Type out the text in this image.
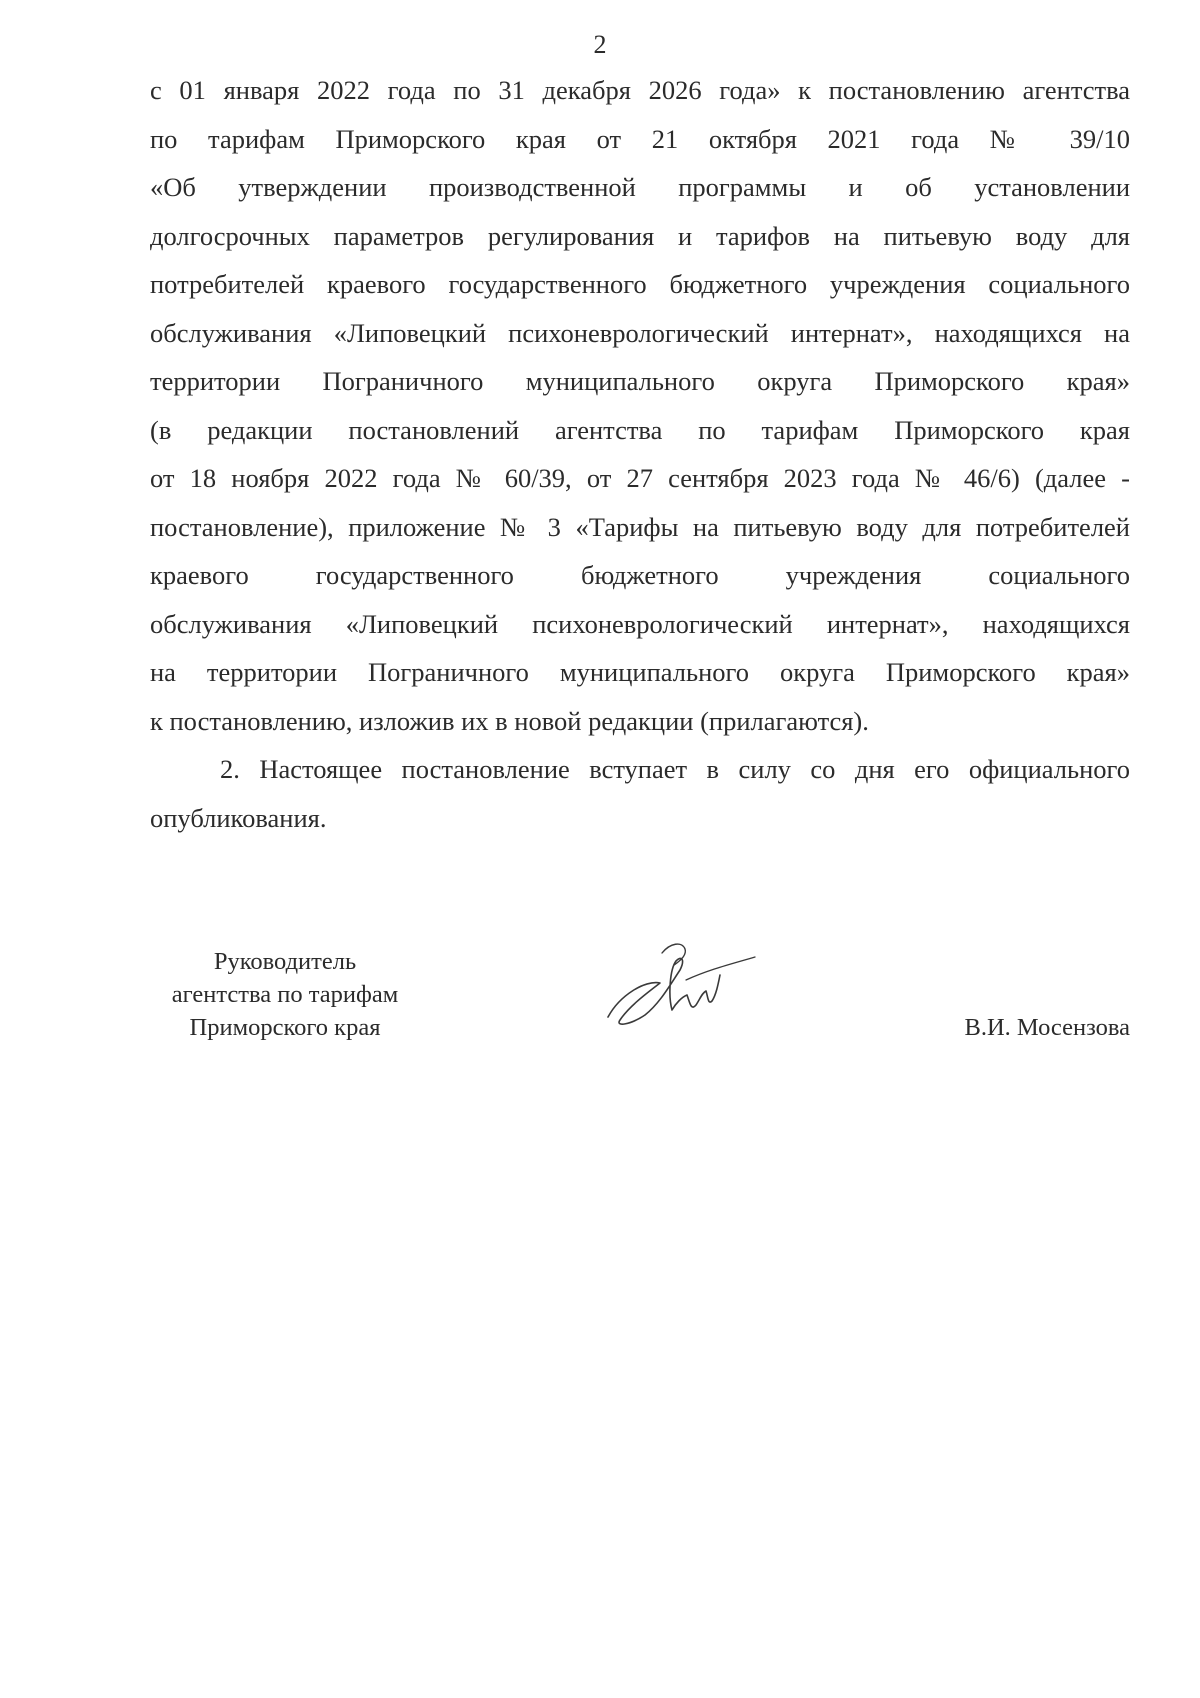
2
с 01 января 2022 года по 31 декабря 2026 года» к постановлению агентства
по тарифам Приморского края от 21 октября 2021 года № 39/10
«Об утверждении производственной программы и об установлении
долгосрочных параметров регулирования и тарифов на питьевую воду для
потребителей краевого государственного бюджетного учреждения социального
обслуживания «Липовецкий психоневрологический интернат», находящихся на
территории Пограничного муниципального округа Приморского края»
(в редакции постановлений агентства по тарифам Приморского края
от 18 ноября 2022 года № 60/39, от 27 сентября 2023 года № 46/6) (далее -
постановление), приложение № 3 «Тарифы на питьевую воду для потребителей
краевого государственного бюджетного учреждения социального
обслуживания «Липовецкий психоневрологический интернат», находящихся
на территории Пограничного муниципального округа Приморского края»
к постановлению, изложив их в новой редакции (прилагаются).
2. Настоящее постановление вступает в силу со дня его официального
опубликования.
Руководитель
агентства по тарифам
Приморского края	В.И. Мосензова
